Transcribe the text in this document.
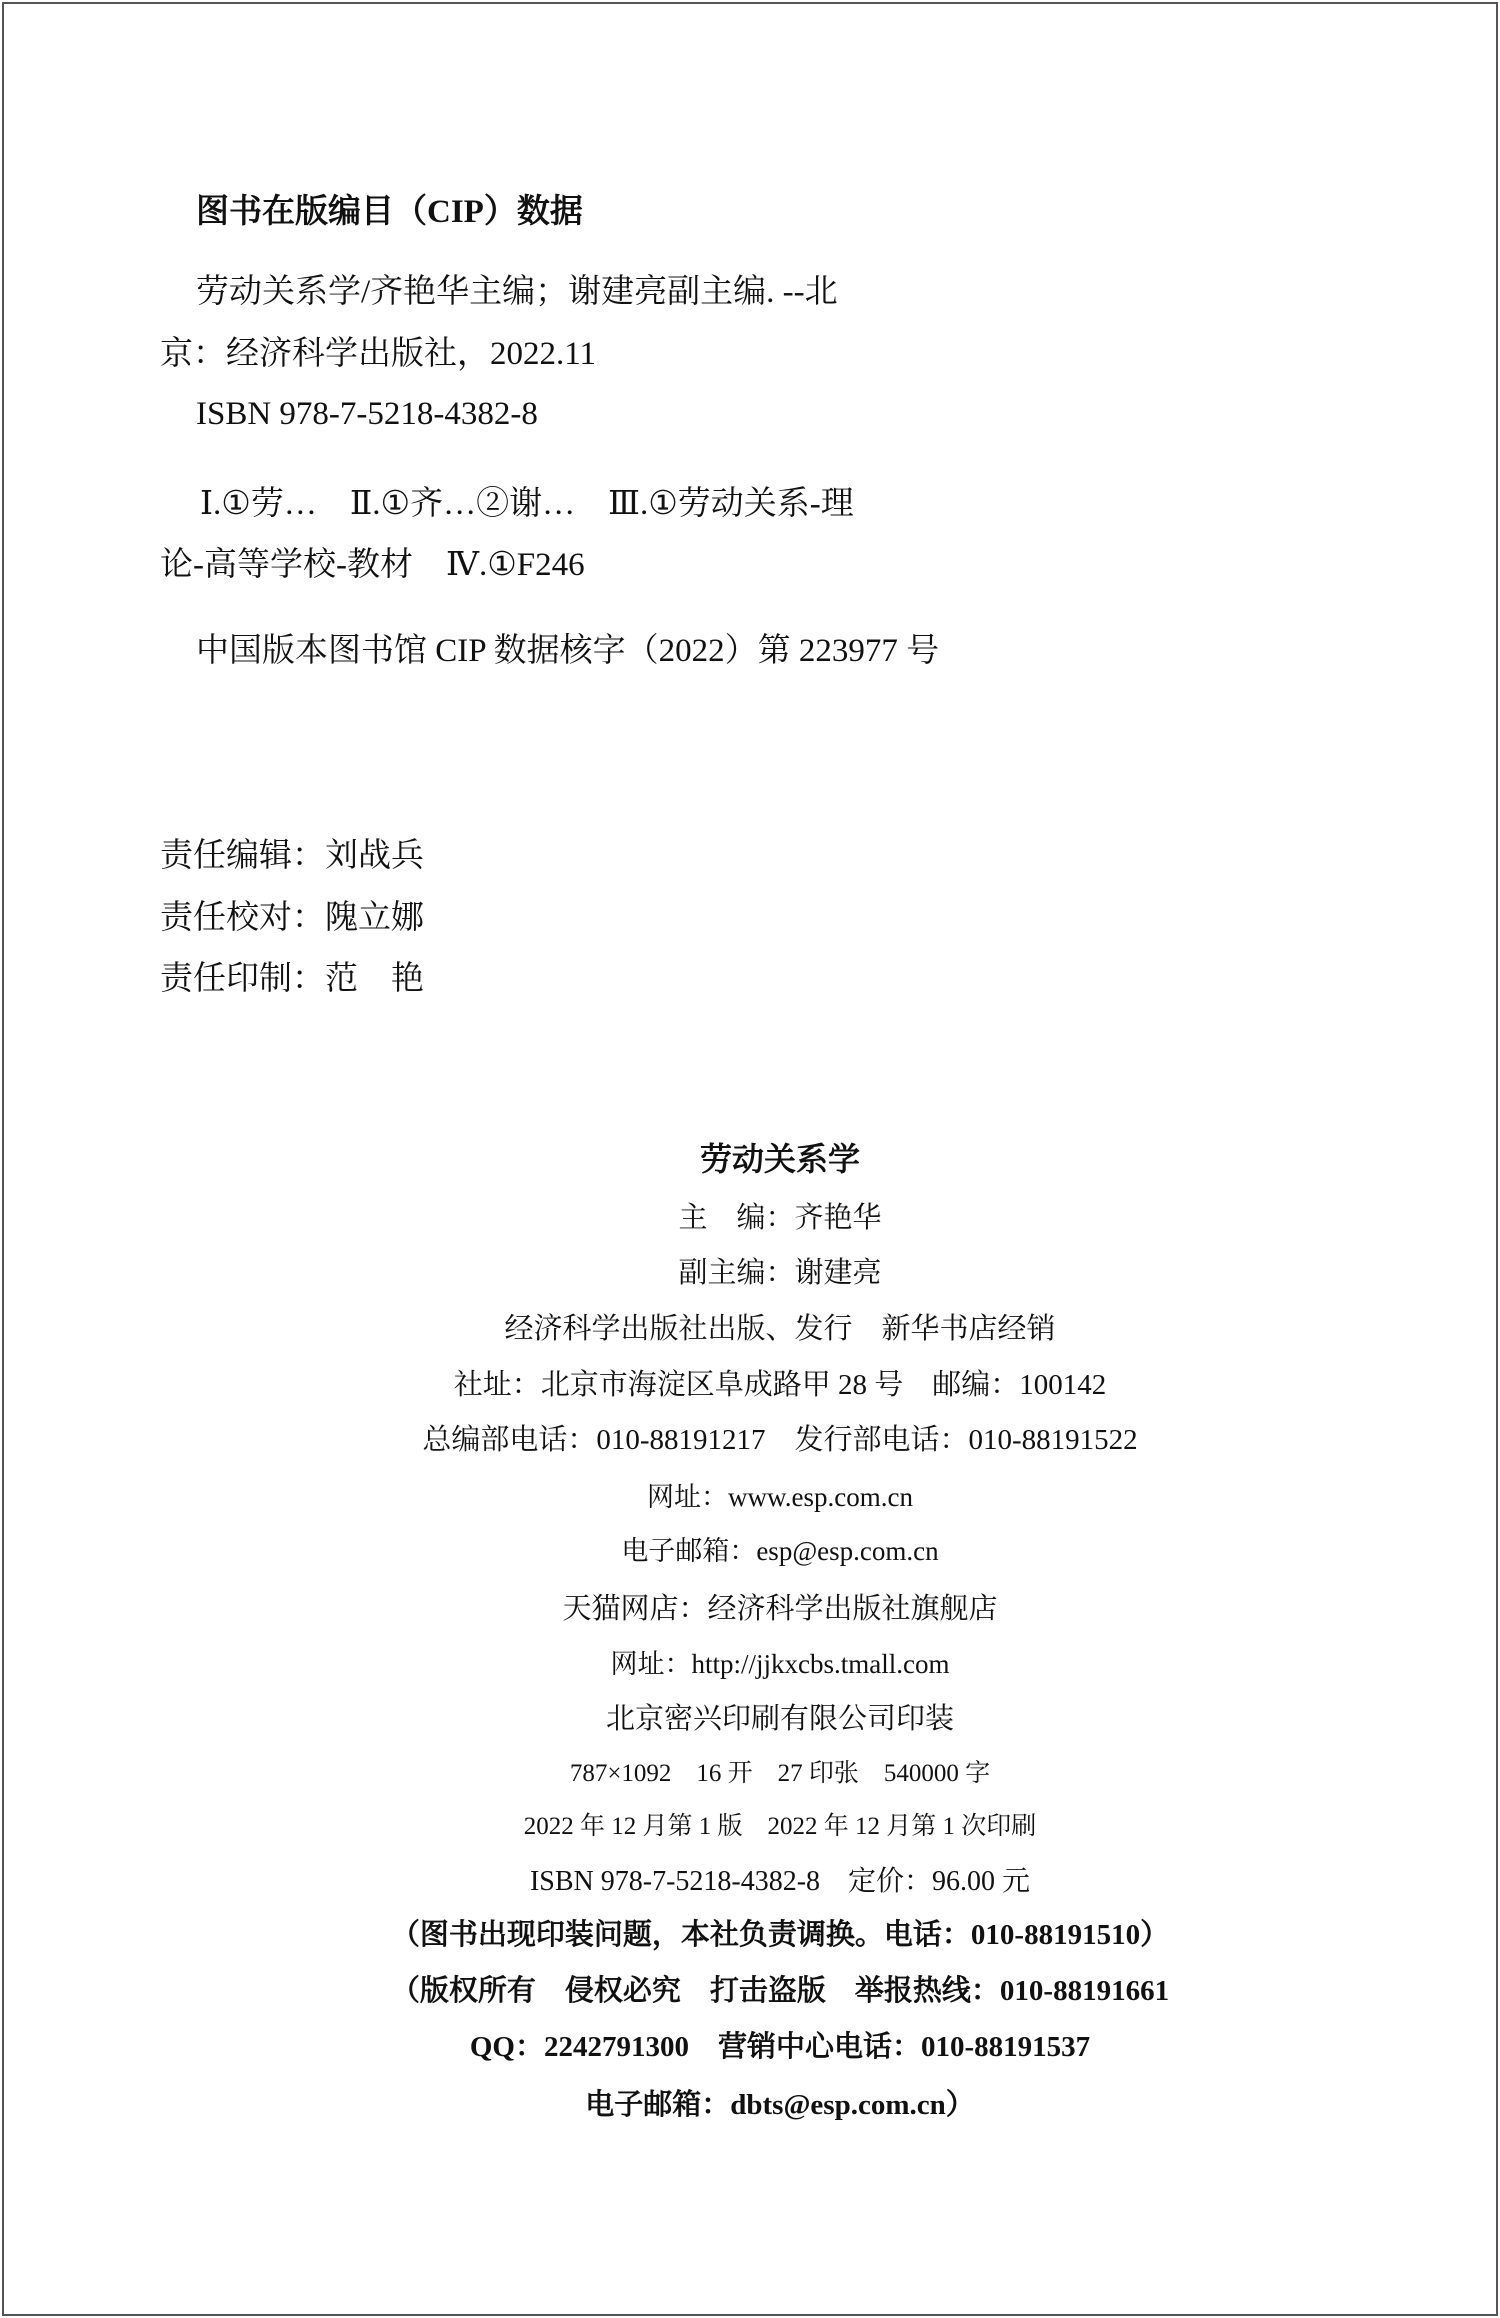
图书在版编目（CIP）数据
劳动关系学/齐艳华主编；谢建亮副主编. --北
京：经济科学出版社，2022.11
ISBN 978-7-5218-4382-8
Ⅰ.①劳…　Ⅱ.①齐…②谢…　Ⅲ.①劳动关系-理
论-高等学校-教材　Ⅳ.①F246
中国版本图书馆 CIP 数据核字（2022）第 223977 号
责任编辑：刘战兵
责任校对：隗立娜
责任印制：范　艳
劳动关系学
主　编：齐艳华
副主编：谢建亮
经济科学出版社出版、发行　新华书店经销
社址：北京市海淀区阜成路甲 28 号　邮编：100142
总编部电话：010-88191217　发行部电话：010-88191522
网址：www.esp.com.cn
电子邮箱：esp@esp.com.cn
天猫网店：经济科学出版社旗舰店
网址：http://jjkxcbs.tmall.com
北京密兴印刷有限公司印装
787×1092　16 开　27 印张　540000 字
2022 年 12 月第 1 版　2022 年 12 月第 1 次印刷
ISBN 978-7-5218-4382-8　定价：96.00 元
（图书出现印装问题，本社负责调换。电话：010-88191510）
（版权所有　侵权必究　打击盗版　举报热线：010-88191661
QQ：2242791300　营销中心电话：010-88191537
电子邮箱：dbts@esp.com.cn）
